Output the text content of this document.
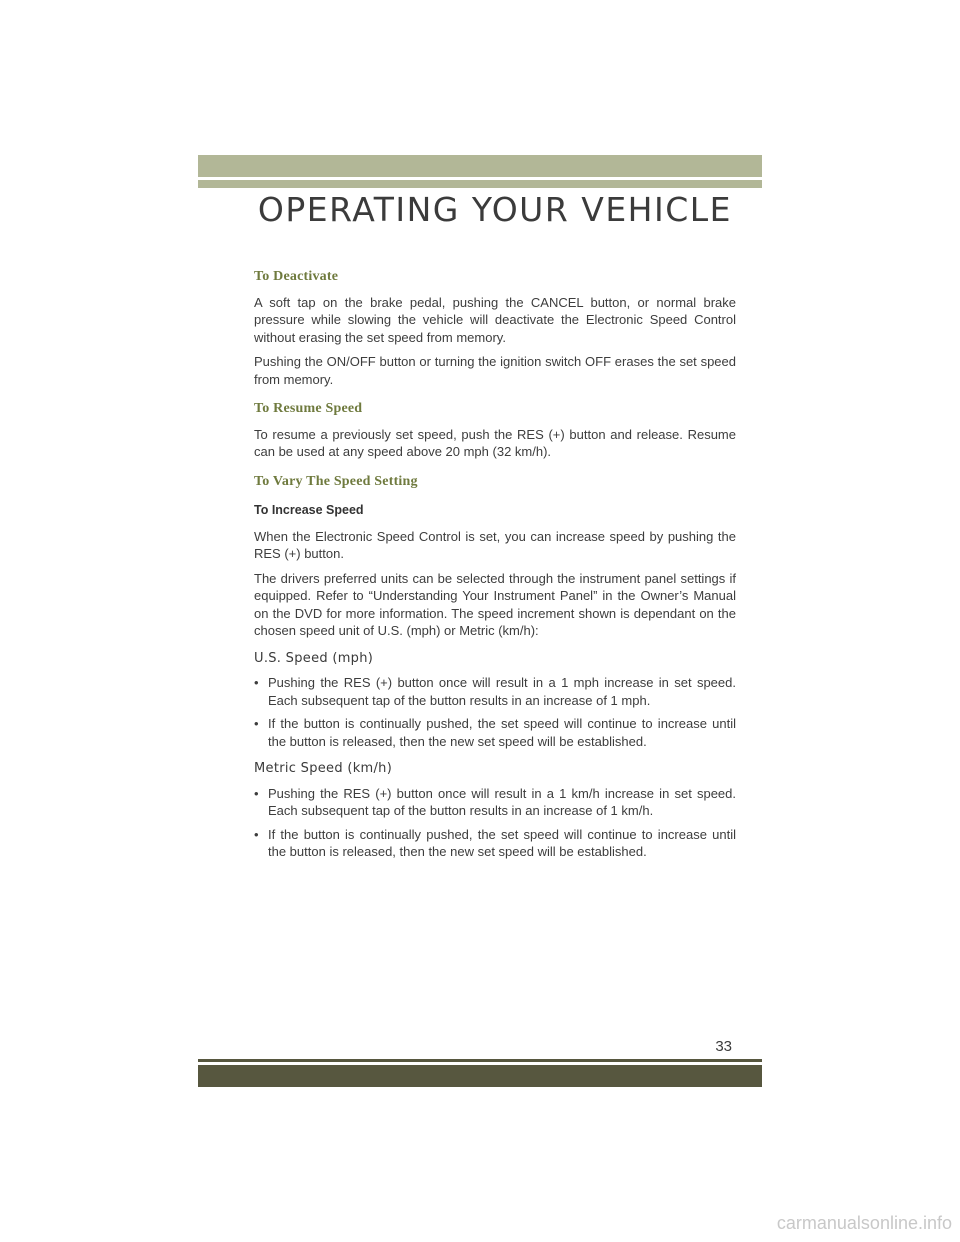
OPERATING YOUR VEHICLE
To Deactivate

A soft tap on the brake pedal, pushing the CANCEL button, or normal brake pressure while slowing the vehicle will deactivate the Electronic Speed Control without erasing the set speed from memory.

Pushing the ON/OFF button or turning the ignition switch OFF erases the set speed from memory.

To Resume Speed

To resume a previously set speed, push the RES (+) button and release. Resume can be used at any speed above 20 mph (32 km/h).

To Vary The Speed Setting
To Increase Speed

When the Electronic Speed Control is set, you can increase speed by pushing the RES (+) button.

The drivers preferred units can be selected through the instrument panel settings if equipped. Refer to “Understanding Your Instrument Panel” in the Owner’s Manual on the DVD for more information. The speed increment shown is dependant on the chosen speed unit of U.S. (mph) or Metric (km/h):

U.S. Speed (mph)
• Pushing the RES (+) button once will result in a 1 mph increase in set speed. Each subsequent tap of the button results in an increase of 1 mph.
• If the button is continually pushed, the set speed will continue to increase until the button is released, then the new set speed will be established.
Metric Speed (km/h)
• Pushing the RES (+) button once will result in a 1 km/h increase in set speed. Each subsequent tap of the button results in an increase of 1 km/h.
• If the button is continually pushed, the set speed will continue to increase until the button is released, then the new set speed will be established.
33
carmanualsonline.info
